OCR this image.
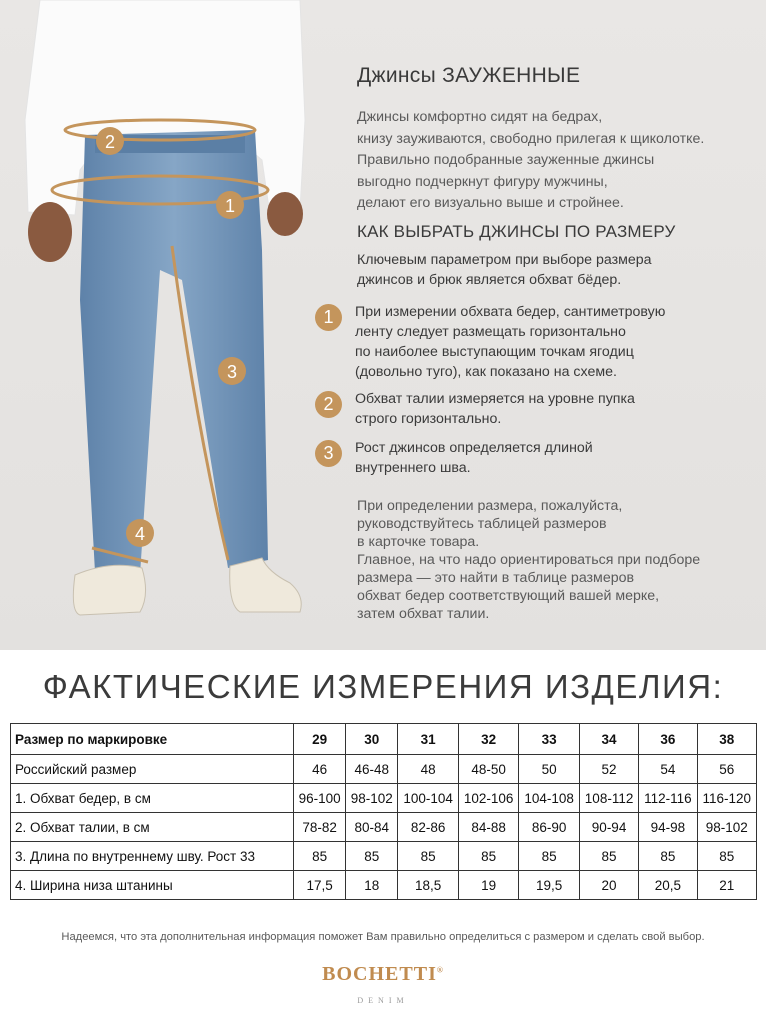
1
2
3
4
Джинсы ЗАУЖЕННЫЕ
Джинсы комфортно сидят на бедрах,
книзу зауживаются, свободно прилегая к щиколотке.
Правильно подобранные зауженные джинсы
выгодно подчеркнут фигуру мужчины,
делают его визуально выше и стройнее.
КАК ВЫБРАТЬ ДЖИНСЫ ПО РАЗМЕРУ
Ключевым параметром при выборе размера
джинсов и брюк является обхват бёдер.
1	При измерении обхвата бедер, сантиметровую
ленту следует размещать горизонтально
по наиболее выступающим точкам ягодиц
(довольно туго), как показано на схеме.
2	Обхват талии измеряется на уровне пупка
строго горизонтально.
3	Рост джинсов определяется длиной
внутреннего шва.
При определении размера, пожалуйста,
руководствуйтесь таблицей размеров
в карточке товара.
Главное, на что надо ориентироваться при подборе
размера — это найти в таблице размеров
обхват бедер соответствующий вашей мерке,
затем обхват талии.
ФАКТИЧЕСКИЕ ИЗМЕРЕНИЯ ИЗДЕЛИЯ:
Размер по маркировке	29	30	31	32	33	34	36	38
Российский размер	46	46-48	48	48-50	50	52	54	56
1. Обхват бедер, в см	96-100	98-102	100-104	102-106	104-108	108-112	112-116	116-120
2. Обхват талии, в см	78-82	80-84	82-86	84-88	86-90	90-94	94-98	98-102
3. Длина по внутреннему шву. Рост 33	85	85	85	85	85	85	85	85
4. Ширина низа штанины	17,5	18	18,5	19	19,5	20	20,5	21
Надеемся, что эта дополнительная информация поможет Вам правильно определиться с размером и сделать свой выбор.
BOCHETTI®
DENIM
